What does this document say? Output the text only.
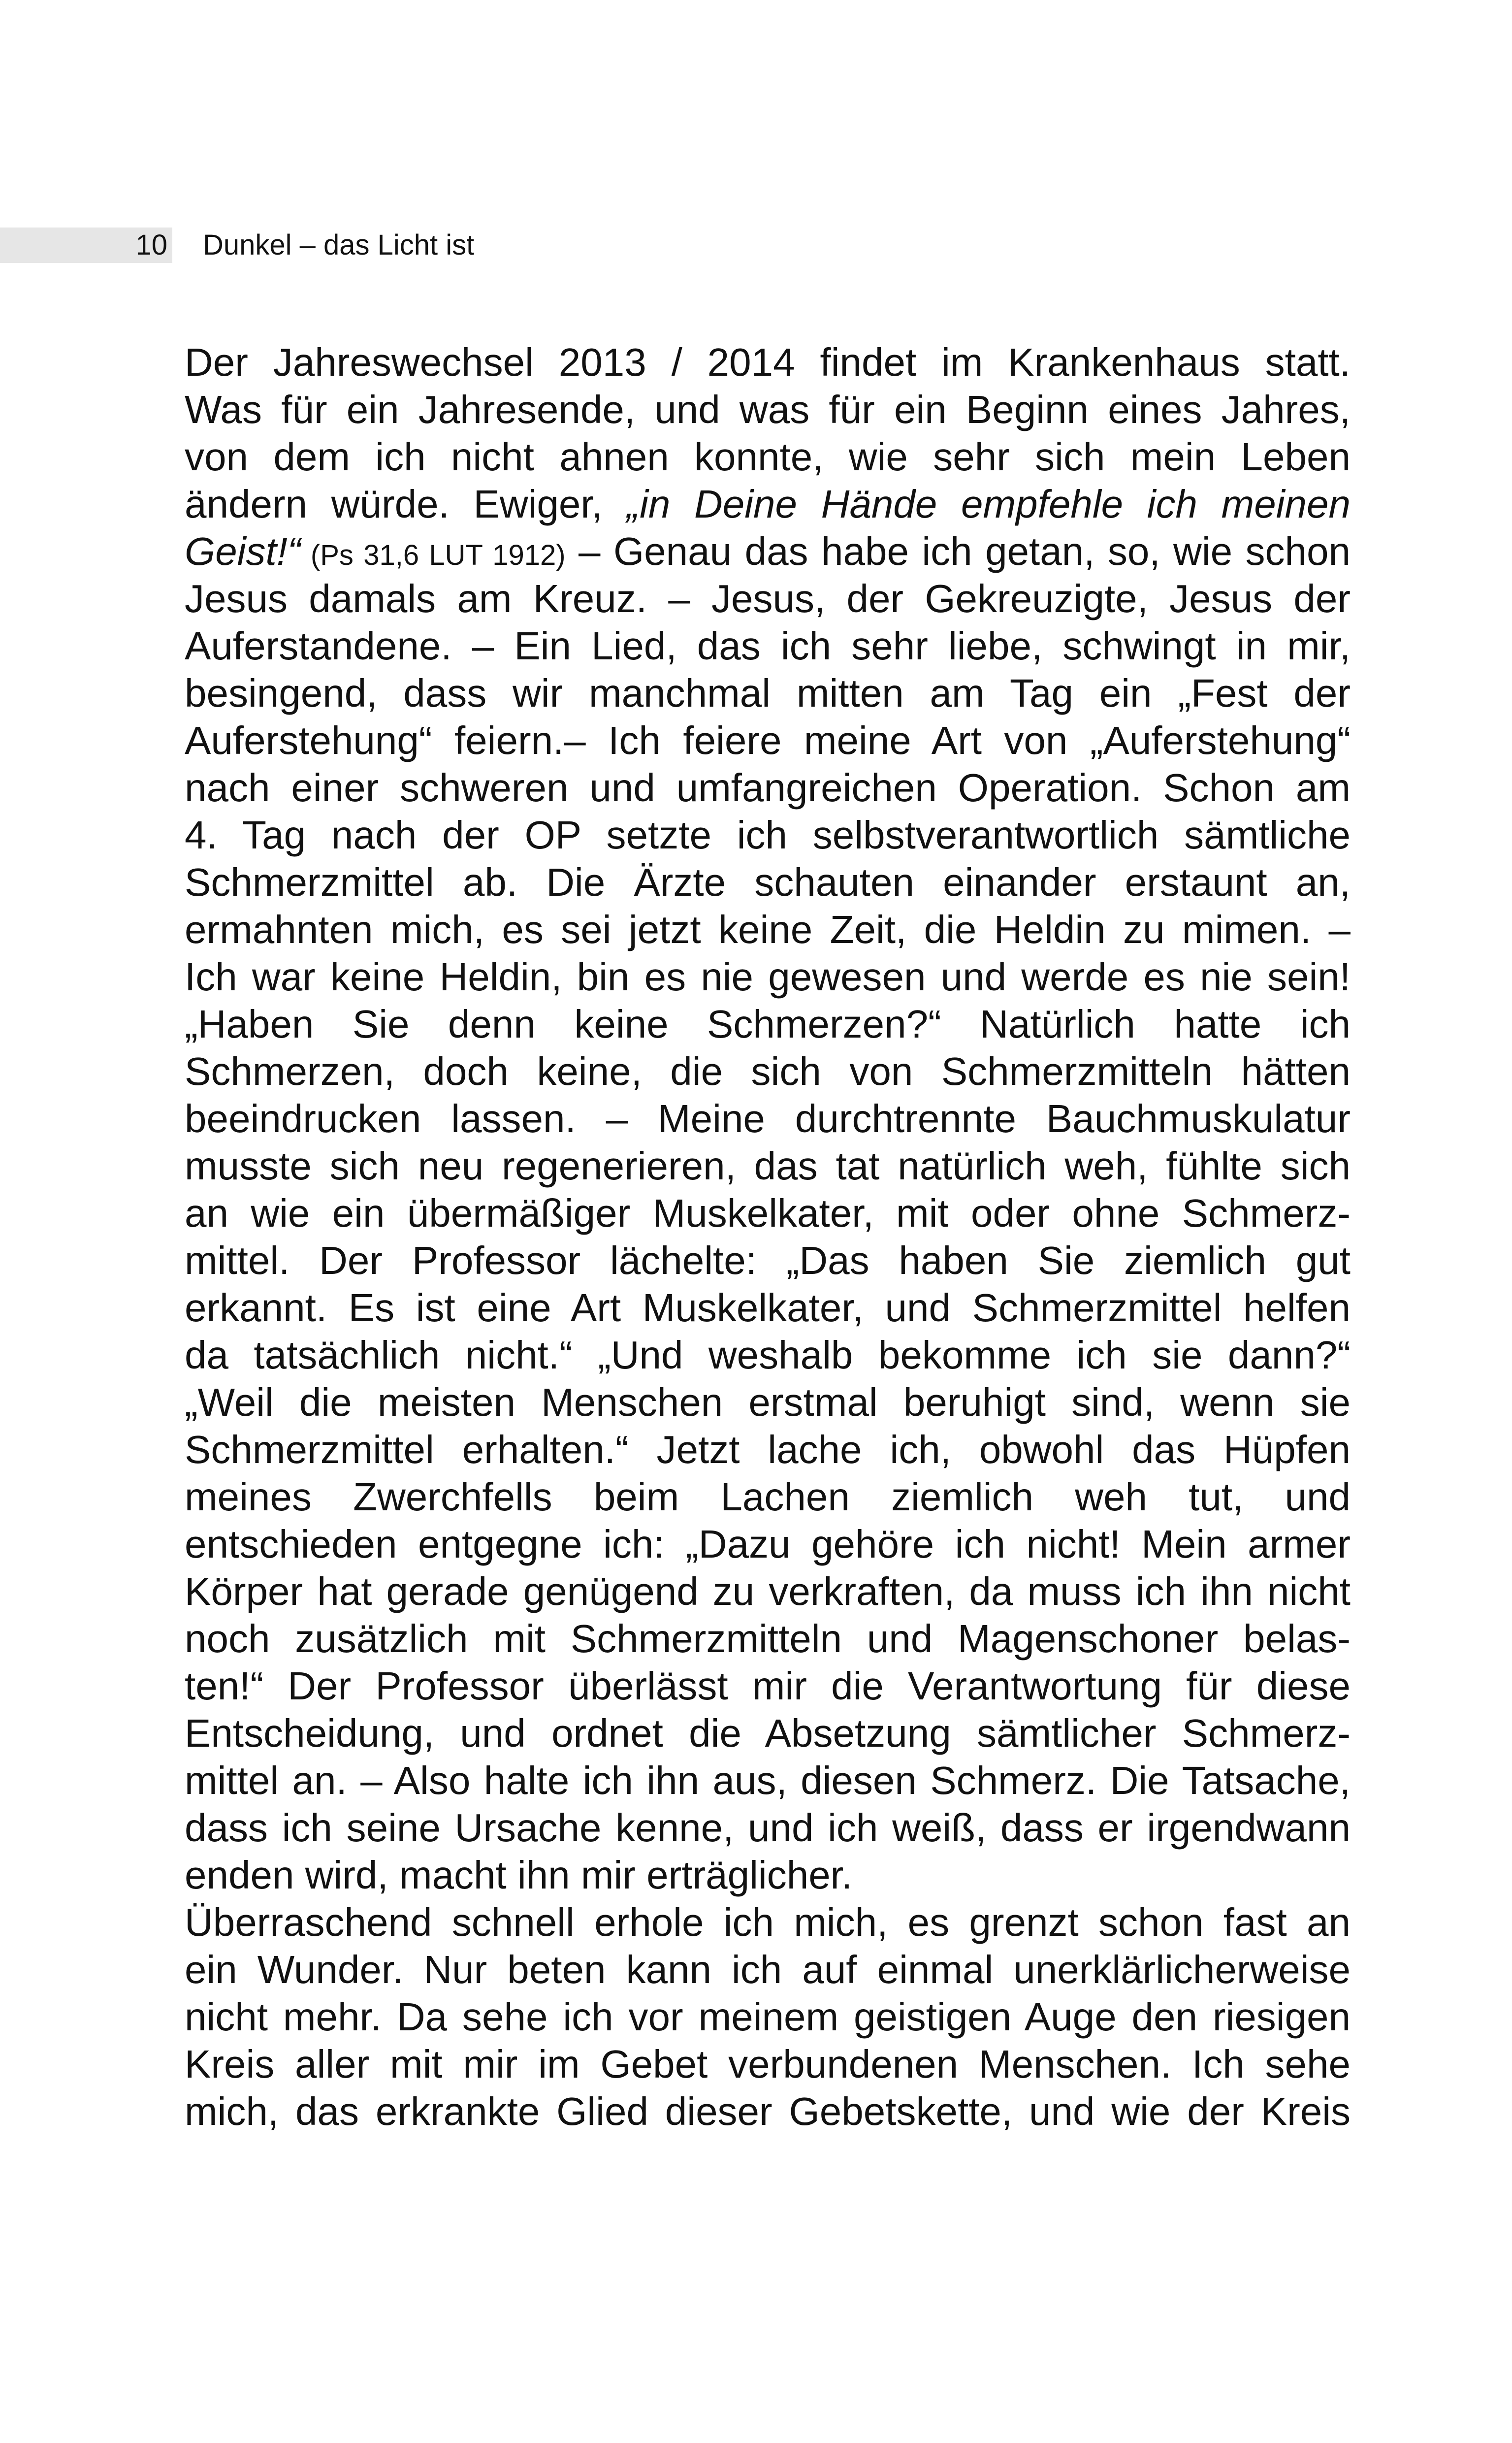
10 Dunkel – das Licht ist
Der Jahreswechsel 2013 / 2014 findet im Krankenhaus statt.
Was für ein Jahresende, und was für ein Beginn eines Jahres,
von dem ich nicht ahnen konnte, wie sehr sich mein Leben
ändern würde. Ewiger, „in Deine Hände empfehle ich meinen
Geist!“ (Ps 31,6 LUT 1912) – Genau das habe ich getan, so, wie schon
Jesus damals am Kreuz. – Jesus, der Gekreuzigte, Jesus der
Auferstandene. – Ein Lied, das ich sehr liebe, schwingt in mir,
besingend, dass wir manchmal mitten am Tag ein „Fest der
Auferstehung“ feiern.– Ich feiere meine Art von „Auferstehung“
nach einer schweren und umfangreichen Operation. Schon am
4. Tag nach der OP setzte ich selbstverantwortlich sämtliche
Schmerzmittel ab. Die Ärzte schauten einander erstaunt an,
ermahnten mich, es sei jetzt keine Zeit, die Heldin zu mimen. –
Ich war keine Heldin, bin es nie gewesen und werde es nie sein!
„Haben Sie denn keine Schmerzen?“ Natürlich hatte ich
Schmerzen, doch keine, die sich von Schmerzmitteln hätten
beeindrucken lassen. – Meine durchtrennte Bauchmuskulatur
musste sich neu regenerieren, das tat natürlich weh, fühlte sich
an wie ein übermäßiger Muskelkater, mit oder ohne Schmerz-
mittel. Der Professor lächelte: „Das haben Sie ziemlich gut
erkannt. Es ist eine Art Muskelkater, und Schmerzmittel helfen
da tatsächlich nicht.“ „Und weshalb bekomme ich sie dann?“
„Weil die meisten Menschen erstmal beruhigt sind, wenn sie
Schmerzmittel erhalten.“ Jetzt lache ich, obwohl das Hüpfen
meines Zwerchfells beim Lachen ziemlich weh tut, und
entschieden entgegne ich: „Dazu gehöre ich nicht! Mein armer
Körper hat gerade genügend zu verkraften, da muss ich ihn nicht
noch zusätzlich mit Schmerzmitteln und Magenschoner belas-
ten!“ Der Professor überlässt mir die Verantwortung für diese
Entscheidung, und ordnet die Absetzung sämtlicher Schmerz-
mittel an. – Also halte ich ihn aus, diesen Schmerz. Die Tatsache,
dass ich seine Ursache kenne, und ich weiß, dass er irgendwann
enden wird, macht ihn mir erträglicher.
Überraschend schnell erhole ich mich, es grenzt schon fast an
ein Wunder. Nur beten kann ich auf einmal unerklärlicherweise
nicht mehr. Da sehe ich vor meinem geistigen Auge den riesigen
Kreis aller mit mir im Gebet verbundenen Menschen. Ich sehe
mich, das erkrankte Glied dieser Gebetskette, und wie der Kreis
